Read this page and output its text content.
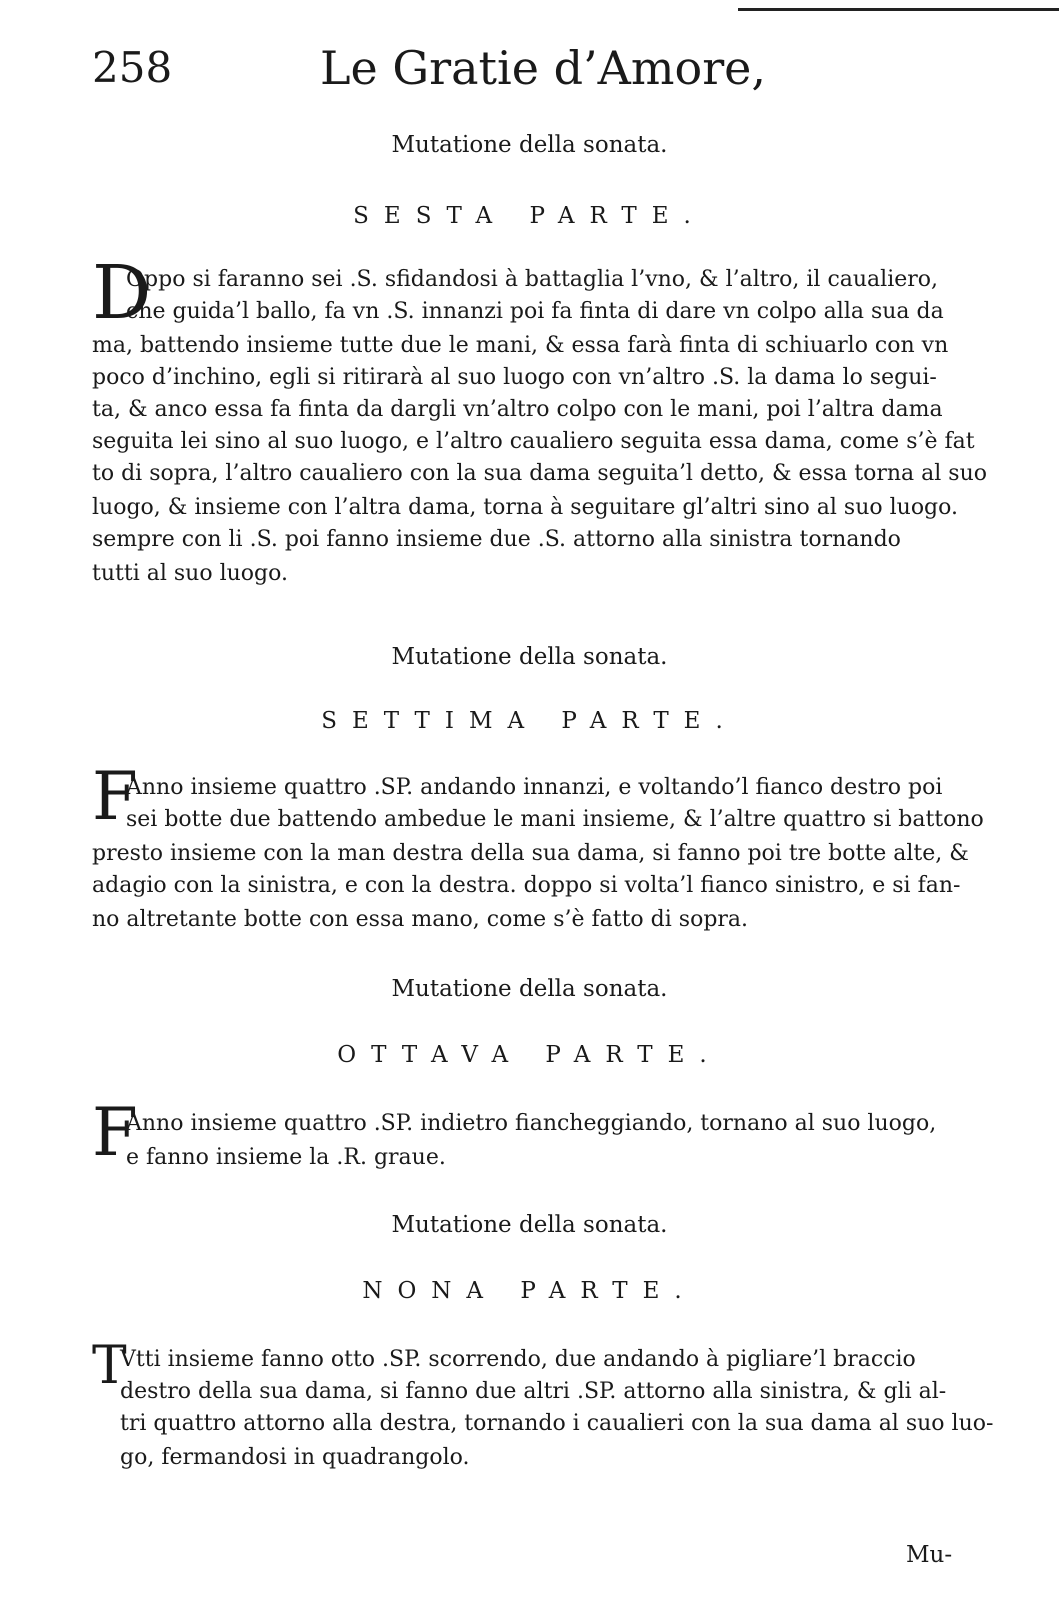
258	Le Gratie d’Amore,
Mutatione della sonata.
SESTA PARTE.
D
Oppo si faranno sei .S. sfidandosi à battaglia l’vno, & l’altro, il caualiero,
che guida’l ballo, fa vn .S. innanzi poi fa finta di dare vn colpo alla sua da
ma, battendo insieme tutte due le mani, & essa farà finta di schiuarlo con vn
poco d’inchino, egli si ritirarà al suo luogo con vn’altro .S. la dama lo segui-
ta, & anco essa fa finta da dargli vn’altro colpo con le mani, poi l’altra dama
seguita lei sino al suo luogo, e l’altro caualiero seguita essa dama, come s’è fat
to di sopra, l’altro caualiero con la sua dama seguita’l detto, & essa torna al suo
luogo, & insieme con l’altra dama, torna à seguitare gl’altri sino al suo luogo.
sempre con li .S. poi fanno insieme due .S. attorno alla sinistra tornando
tutti al suo luogo.
Mutatione della sonata.
SETTIMA PARTE.
F
Anno insieme quattro .SP. andando innanzi, e voltando’l fianco destro poi
sei botte due battendo ambedue le mani insieme, & l’altre quattro si battono
presto insieme con la man destra della sua dama, si fanno poi tre botte alte, &
adagio con la sinistra, e con la destra. doppo si volta’l fianco sinistro, e si fan-
no altretante botte con essa mano, come s’è fatto di sopra.
Mutatione della sonata.
OTTAVA PARTE.
F
Anno insieme quattro .SP. indietro fiancheggiando, tornano al suo luogo,
e fanno insieme la .R. graue.
Mutatione della sonata.
NONA PARTE.
T
Vtti insieme fanno otto .SP. scorrendo, due andando à pigliare’l braccio
destro della sua dama, si fanno due altri .SP. attorno alla sinistra, & gli al-
tri quattro attorno alla destra, tornando i caualieri con la sua dama al suo luo-
go, fermandosi in quadrangolo.
Mu-
